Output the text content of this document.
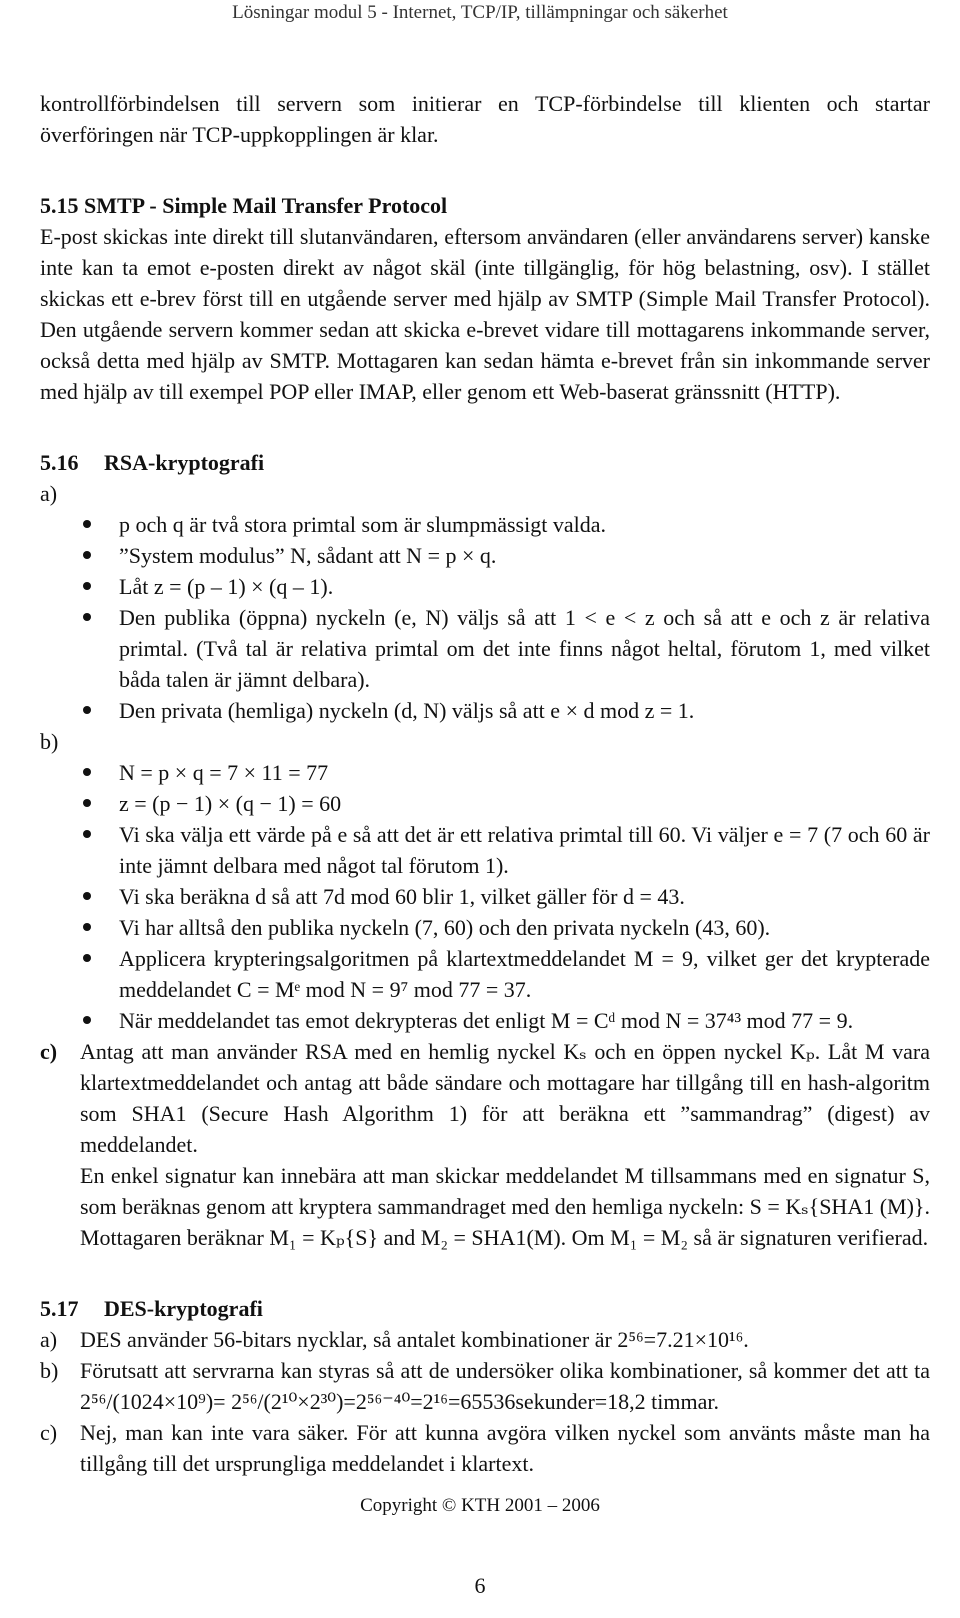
Lösningar modul 5 - Internet, TCP/IP, tillämpningar och säkerhet

kontrollförbindelsen till servern som initierar en TCP-förbindelse till klienten och startar överföringen när TCP-uppkopplingen är klar.

5.15 SMTP - Simple Mail Transfer Protocol

E-post skickas inte direkt till slutanvändaren, eftersom användaren (eller användarens server) kanske inte kan ta emot e-posten direkt av något skäl (inte tillgänglig, för hög belastning, osv). I stället skickas ett e-brev först till en utgående server med hjälp av SMTP (Simple Mail Transfer Protocol). Den utgående servern kommer sedan att skicka e-brevet vidare till mottagarens inkommande server, också detta med hjälp av SMTP. Mottagaren kan sedan hämta e-brevet från sin inkommande server med hjälp av till exempel POP eller IMAP, eller genom ett Web-baserat gränssnitt (HTTP).

5.16 RSA-kryptografi

a)

p och q är två stora primtal som är slumpmässigt valda.
”System modulus” N, sådant att N = p × q.
Låt z = (p – 1) × (q – 1).
Den publika (öppna) nyckeln (e, N) väljs så att 1 < e < z och så att e och z är relativa primtal. (Två tal är relativa primtal om det inte finns något heltal, förutom 1, med vilket båda talen är jämnt delbara).
Den privata (hemliga) nyckeln (d, N) väljs så att e × d mod z = 1.

b)

N = p × q = 7 × 11 = 77
z = (p − 1) × (q − 1) = 60
Vi ska välja ett värde på e så att det är ett relativa primtal till 60. Vi väljer e = 7 (7 och 60 är inte jämnt delbara med något tal förutom 1).
Vi ska beräkna d så att 7d mod 60 blir 1, vilket gäller för d = 43.
Vi har alltså den publika nyckeln (7, 60) och den privata nyckeln (43, 60).
Applicera krypteringsalgoritmen på klartextmeddelandet M = 9, vilket ger det krypterade meddelandet C = Mᵉ mod N = 9⁷ mod 77 = 37.
När meddelandet tas emot dekrypteras det enligt M = Cᵈ mod N = 37⁴³ mod 77 = 9.
c)	Antag att man använder RSA med en hemlig nyckel Kₛ och en öppen nyckel Kₚ. Låt M vara klartextmeddelandet och antag att både sändare och mottagare har tillgång till en hash-algoritm som SHA1 (Secure Hash Algorithm 1) för att beräkna ett ”sammandrag” (digest) av meddelandet.

En enkel signatur kan innebära att man skickar meddelandet M tillsammans med en signatur S, som beräknas genom att kryptera sammandraget med den hemliga nyckeln: S = Kₛ{SHA1 (M)}. Mottagaren beräknar M₁ = Kₚ{S} and M₂ = SHA1(M). Om M₁ = M₂ så är signaturen verifierad.

5.17 DES-kryptografi

a)	DES använder 56-bitars nycklar, så antalet kombinationer är 2⁵⁶=7.21×10¹⁶.
b) Förutsatt att servrarna kan styras så att de undersöker olika kombinationer, så kommer det att ta 2⁵⁶/(1024×10⁹)= 2⁵⁶/(2¹⁰×2³⁰)=2⁵⁶⁻⁴⁰=2¹⁶=65536sekunder=18,2 timmar.
c)	Nej, man kan inte vara säker. För att kunna avgöra vilken nyckel som använts måste man ha tillgång till det ursprungliga meddelandet i klartext.
Copyright © KTH 2001 – 2006
6
